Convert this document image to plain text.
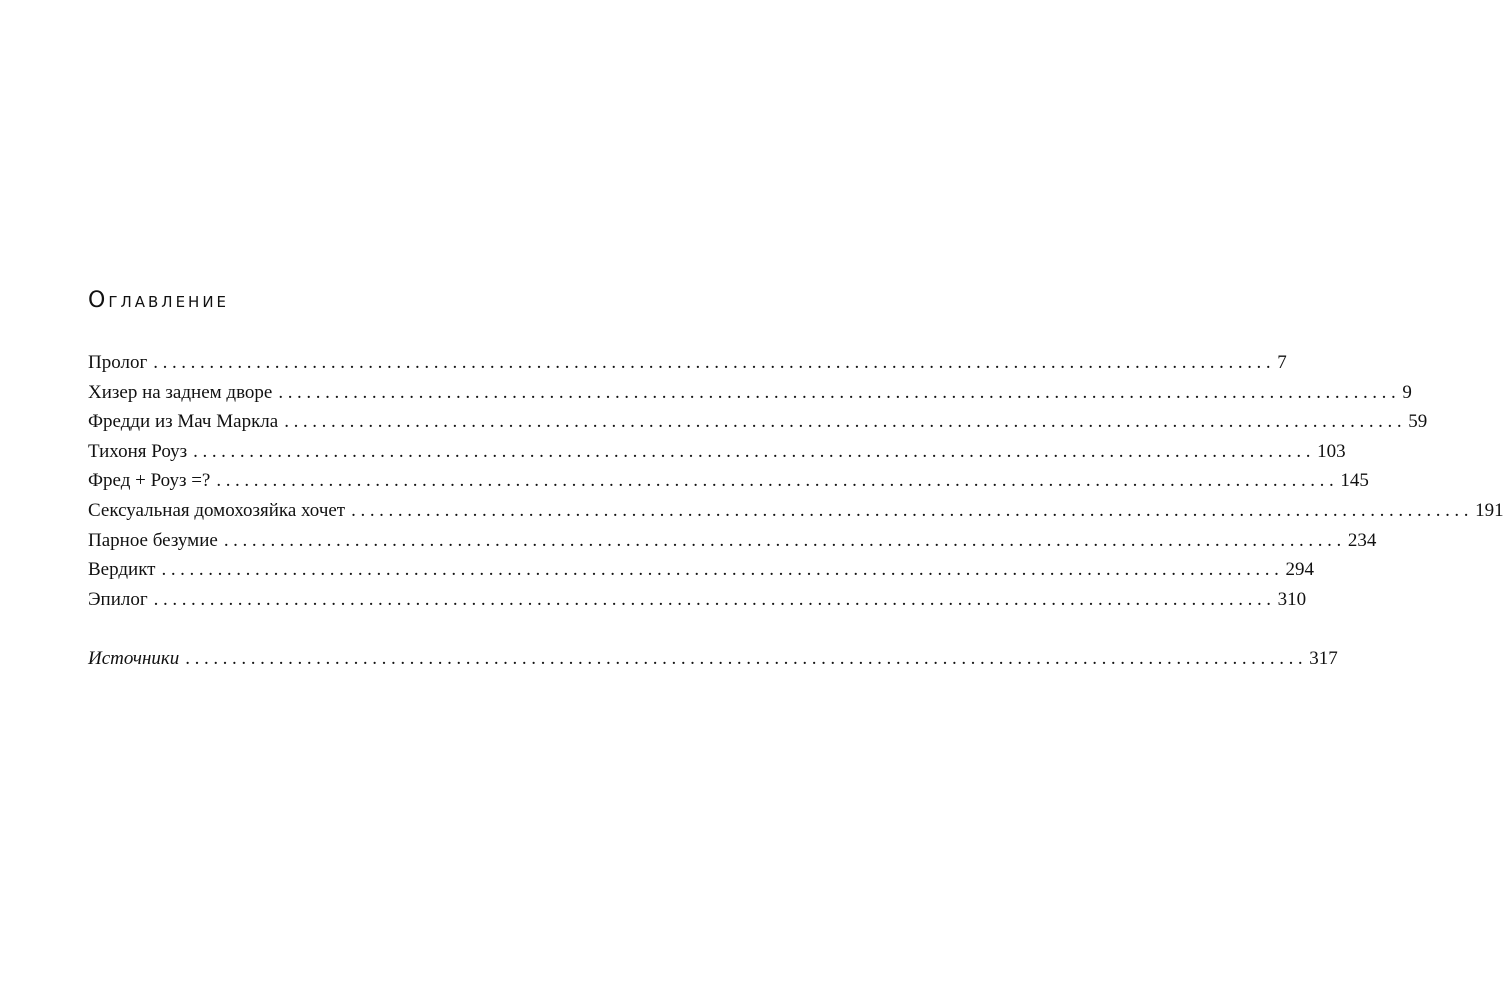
Оглавление
Пролог ........................................................................................................................ 7
Хизер на заднем дворе ........................................................................................................................ 9
Фредди из Мач Маркла ........................................................................................................................ 59
Тихоня Роуз ........................................................................................................................ 103
Фред + Роуз =? ........................................................................................................................ 145
Сексуальная домохозяйка хочет ........................................................................................................................ 191
Парное безумие ........................................................................................................................ 234
Вердикт ........................................................................................................................ 294
Эпилог ........................................................................................................................ 310
Источники ........................................................................................................................ 317
